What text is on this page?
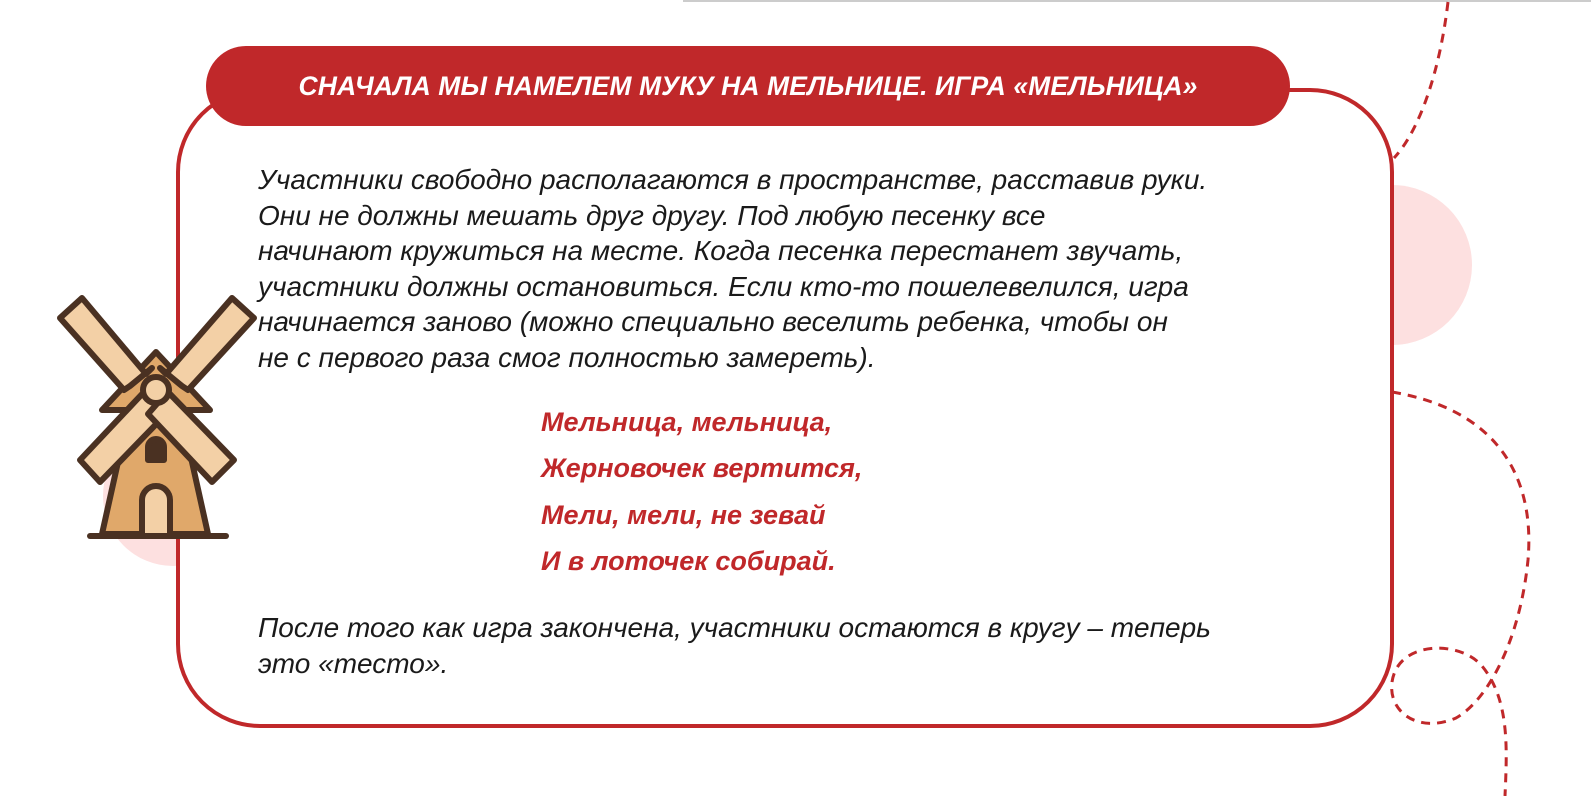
СНАЧАЛА МЫ НАМЕЛЕМ МУКУ НА МЕЛЬНИЦЕ. ИГРА «МЕЛЬНИЦА»

Участники свободно располагаются в пространстве, расставив руки.
Они не должны мешать друг другу. Под любую песенку все
начинают кружиться на месте. Когда песенка перестанет звучать,
участники должны остановиться. Если кто-то пошелевелился, игра
начинается заново (можно специально веселить ребенка, чтобы он
не с первого раза смог полностью замереть).

Мельница, мельница,
Жерновочек вертится,
Мели, мели, не зевай
И в лоточек собирай.

После того как игра закончена, участники остаются в кругу – теперь
это «тесто».
